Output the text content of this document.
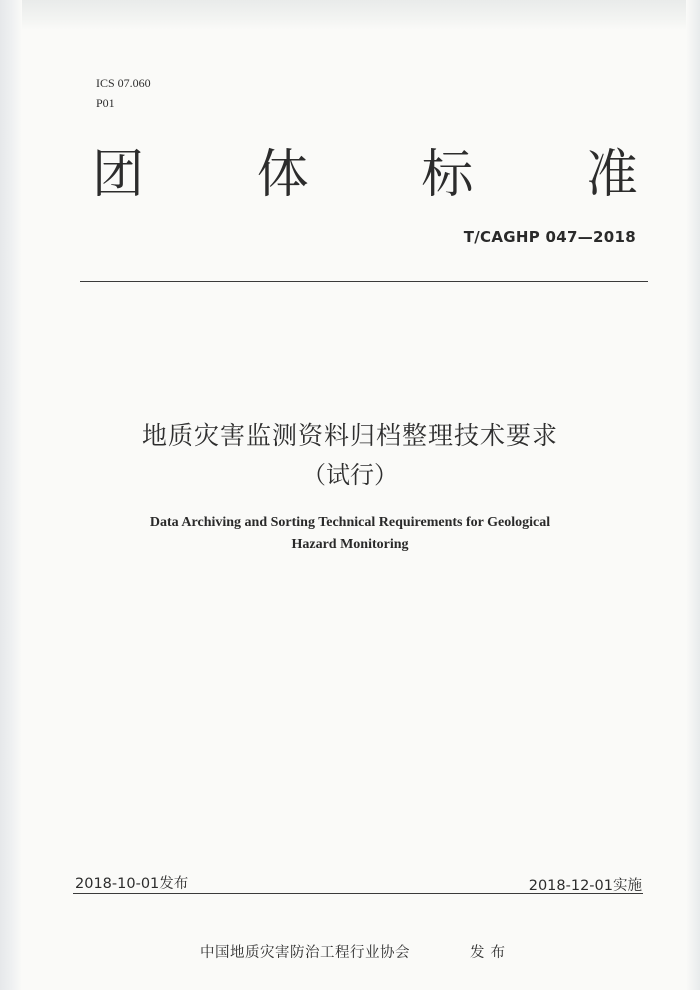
ICS 07.060
P01
团 体 标 准
T/CAGHP 047—2018
地质灾害监测资料归档整理技术要求
（试行）
Data Archiving and Sorting Technical Requirements for Geological
Hazard Monitoring
2018-10-01发布	2018-12-01实施
中国地质灾害防治工程行业协会	发布
